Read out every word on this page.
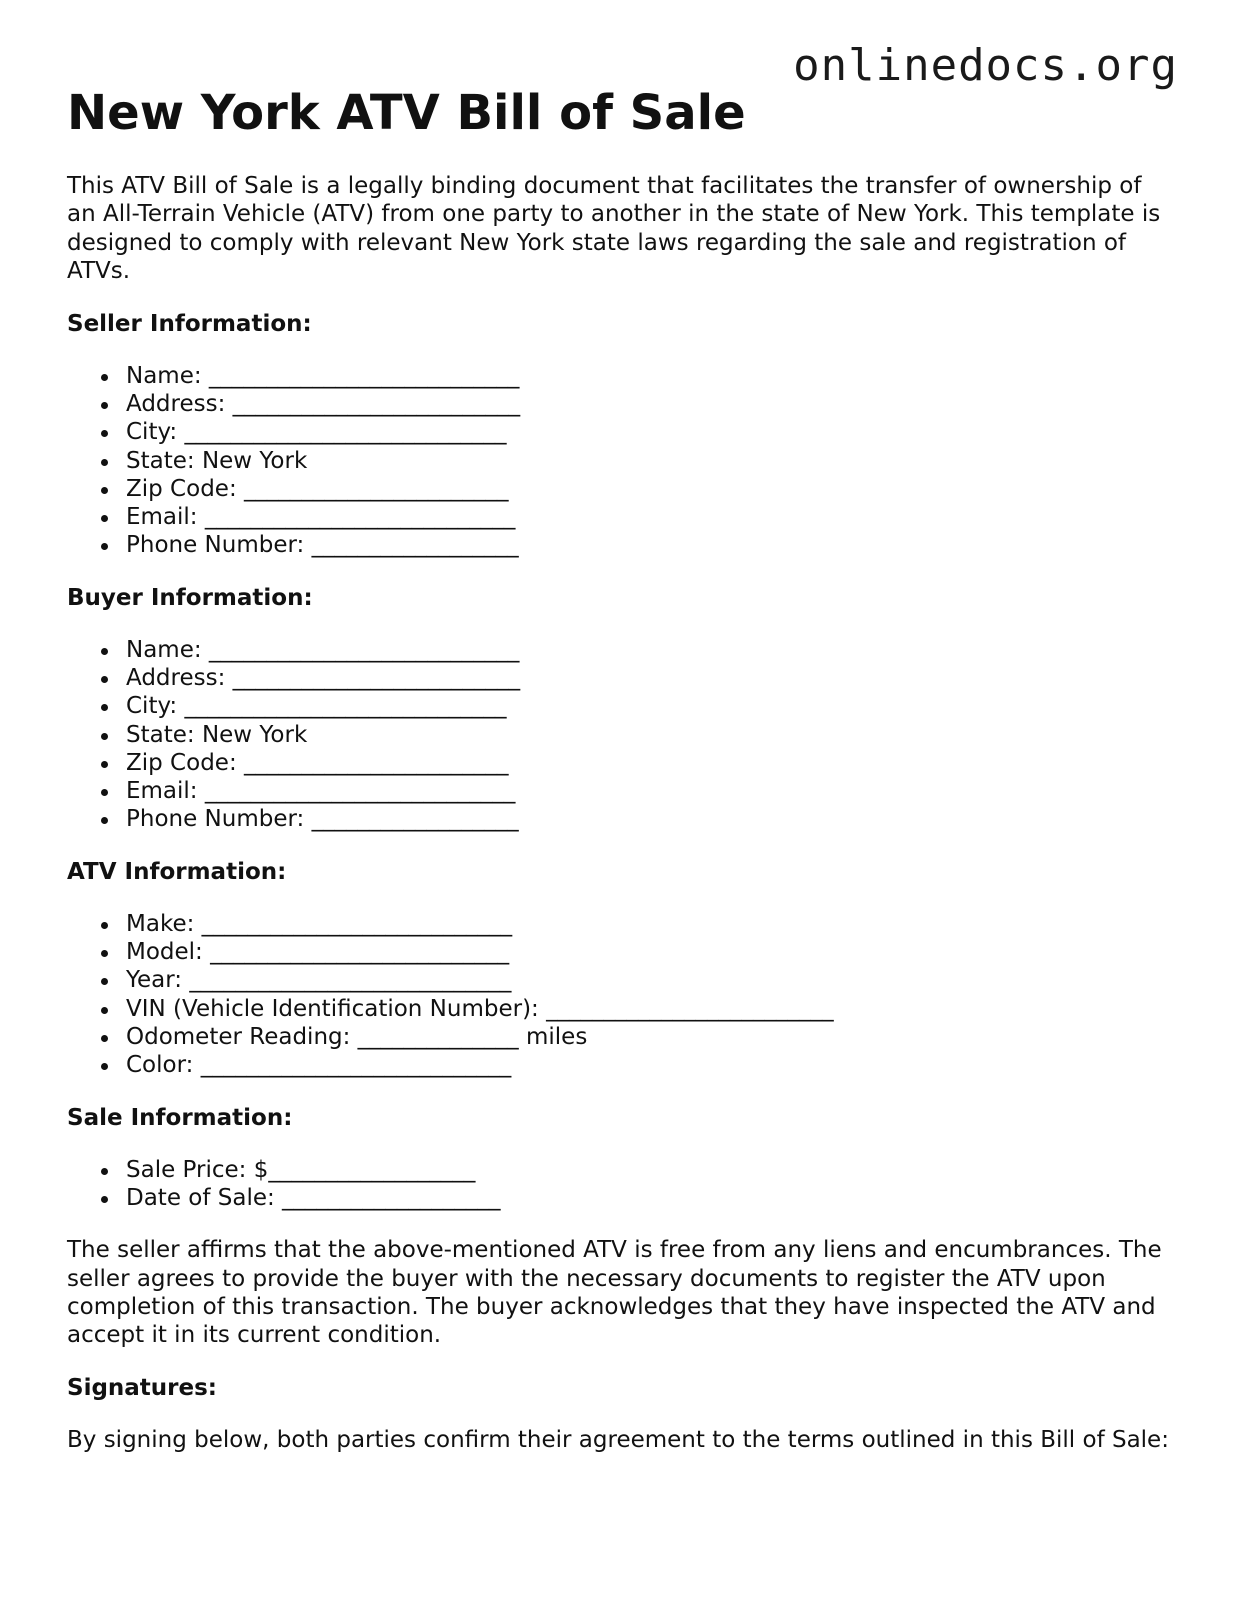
onlinedocs.org
New York ATV Bill of Sale

This ATV Bill of Sale is a legally binding document that facilitates the transfer of ownership of an All-Terrain Vehicle (ATV) from one party to another in the state of New York. This template is designed to comply with relevant New York state laws regarding the sale and registration of ATVs.

Seller Information:
Name: ___________________________
Address: _________________________
City: ____________________________
State: New York
Zip Code: _______________________
Email: ___________________________
Phone Number: __________________
Buyer Information:
Name: ___________________________
Address: _________________________
City: ____________________________
State: New York
Zip Code: _______________________
Email: ___________________________
Phone Number: __________________
ATV Information:
Make: ___________________________
Model: __________________________
Year: ____________________________
VIN (Vehicle Identification Number): _________________________
Odometer Reading: ______________ miles
Color: ___________________________
Sale Information:
Sale Price: $__________________
Date of Sale: ___________________

The seller affirms that the above-mentioned ATV is free from any liens and encumbrances. The seller agrees to provide the buyer with the necessary documents to register the ATV upon completion of this transaction. The buyer acknowledges that they have inspected the ATV and accept it in its current condition.

Signatures:

By signing below, both parties confirm their agreement to the terms outlined in this Bill of Sale:
